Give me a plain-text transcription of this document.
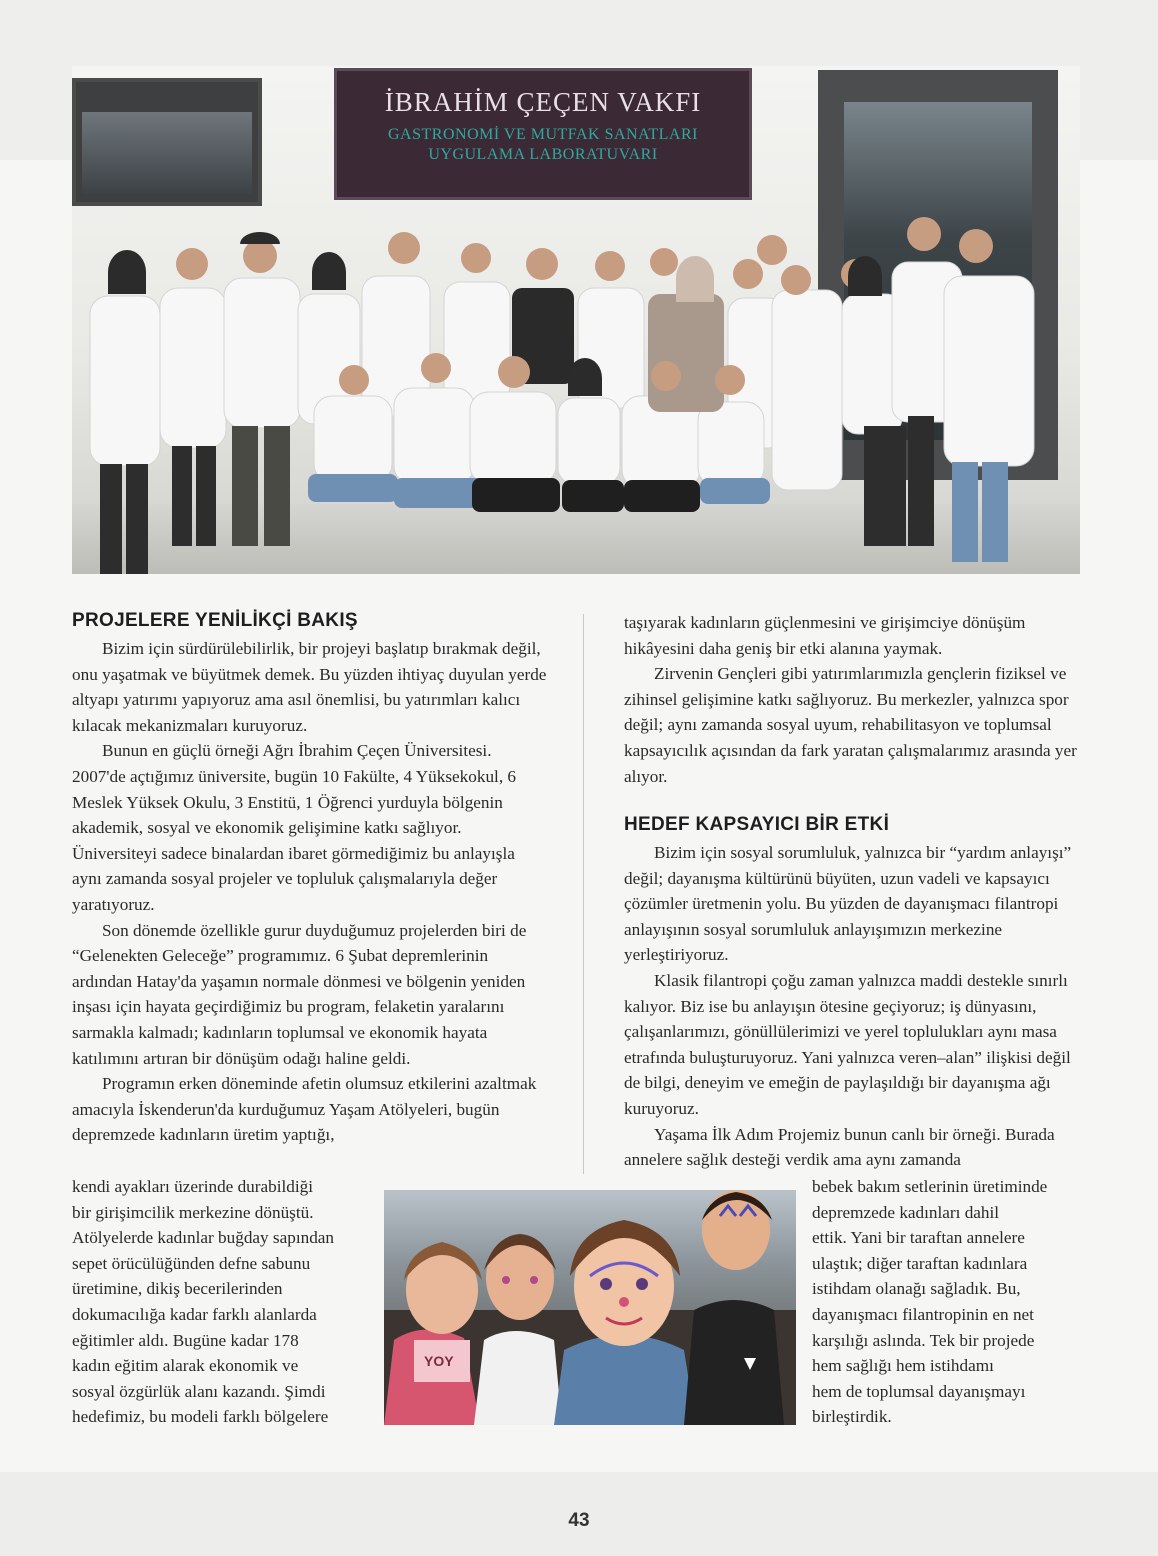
İBRAHİM ÇEÇEN VAKFI
GASTRONOMİ VE MUTFAK SANATLARI
UYGULAMA LABORATUVARI
PROJELERE YENİLİKÇİ BAKIŞ

Bizim için sürdürülebilirlik, bir projeyi başlatıp bırakmak değil, onu yaşatmak ve büyütmek demek. Bu yüzden ihtiyaç duyulan yerde altyapı yatırımı yapıyoruz ama asıl önemlisi, bu yatırımları kalıcı kılacak mekanizmaları kuruyoruz.

Bunun en güçlü örneği Ağrı İbrahim Çeçen Üniversitesi. 2007'de açtığımız üniversite, bugün 10 Fakülte, 4 Yüksekokul, 6 Meslek Yüksek Okulu, 3 Enstitü, 1 Öğrenci yurduyla bölgenin akademik, sosyal ve ekonomik gelişimine katkı sağlıyor. Üniversiteyi sadece binalardan ibaret görmediğimiz bu anlayışla aynı zamanda sosyal projeler ve topluluk çalışmalarıyla değer yaratıyoruz.

Son dönemde özellikle gurur duyduğumuz projelerden biri de “Gelenekten Geleceğe” programımız. 6 Şubat depremlerinin ardından Hatay'da yaşamın normale dönmesi ve bölgenin yeniden inşası için hayata geçirdiğimiz bu program, felaketin yaralarını sarmakla kalmadı; kadınların toplumsal ve ekonomik hayata katılımını artıran bir dönüşüm odağı haline geldi.

Programın erken döneminde afetin olumsuz etkilerini azaltmak amacıyla İskenderun'da kurduğumuz Yaşam Atölyeleri, bugün depremzede kadınların üretim yaptığı,

kendi ayakları üzerinde durabildiği

bir girişimcilik merkezine dönüştü.

Atölyelerde kadınlar buğday sapından

sepet örücülüğünden defne sabunu

üretimine, dikiş becerilerinden

dokumacılığa kadar farklı alanlarda

eğitimler aldı. Bugüne kadar 178

kadın eğitim alarak ekonomik ve

sosyal özgürlük alanı kazandı. Şimdi

hedefimiz, bu modeli farklı bölgelere

taşıyarak kadınların güçlenmesini ve girişimciye dönüşüm hikâyesini daha geniş bir etki alanına yaymak.

Zirvenin Gençleri gibi yatırımlarımızla gençlerin fiziksel ve zihinsel gelişimine katkı sağlıyoruz. Bu merkezler, yalnızca spor değil; aynı zamanda sosyal uyum, rehabilitasyon ve toplumsal kapsayıcılık açısından da fark yaratan çalışmalarımız arasında yer alıyor.

HEDEF KAPSAYICI BİR ETKİ

Bizim için sosyal sorumluluk, yalnızca bir “yardım anlayışı” değil; dayanışma kültürünü büyüten, uzun vadeli ve kapsayıcı çözümler üretmenin yolu. Bu yüzden de dayanışmacı filantropi anlayışının sosyal sorumluluk anlayışımızın merkezine yerleştiriyoruz.

Klasik filantropi çoğu zaman yalnızca maddi destekle sınırlı kalıyor. Biz ise bu anlayışın ötesine geçiyoruz; iş dünyasını, çalışanlarımızı, gönüllülerimizi ve yerel toplulukları aynı masa etrafında buluşturuyoruz. Yani yalnızca veren–alan” ilişkisi değil de bilgi, deneyim ve emeğin de paylaşıldığı bir dayanışma ağı kuruyoruz.

Yaşama İlk Adım Projemiz bunun canlı bir örneği. Burada annelere sağlık desteği verdik ama aynı zamanda

bebek bakım setlerinin üretiminde

depremzede kadınları dahil

ettik. Yani bir taraftan annelere

ulaştık; diğer taraftan kadınlara

istihdam olanağı sağladık. Bu,

dayanışmacı filantropinin en net

karşılığı aslında. Tek bir projede

hem sağlığı hem istihdamı

hem de toplumsal dayanışmayı

birleştirdik.

YOY
43
